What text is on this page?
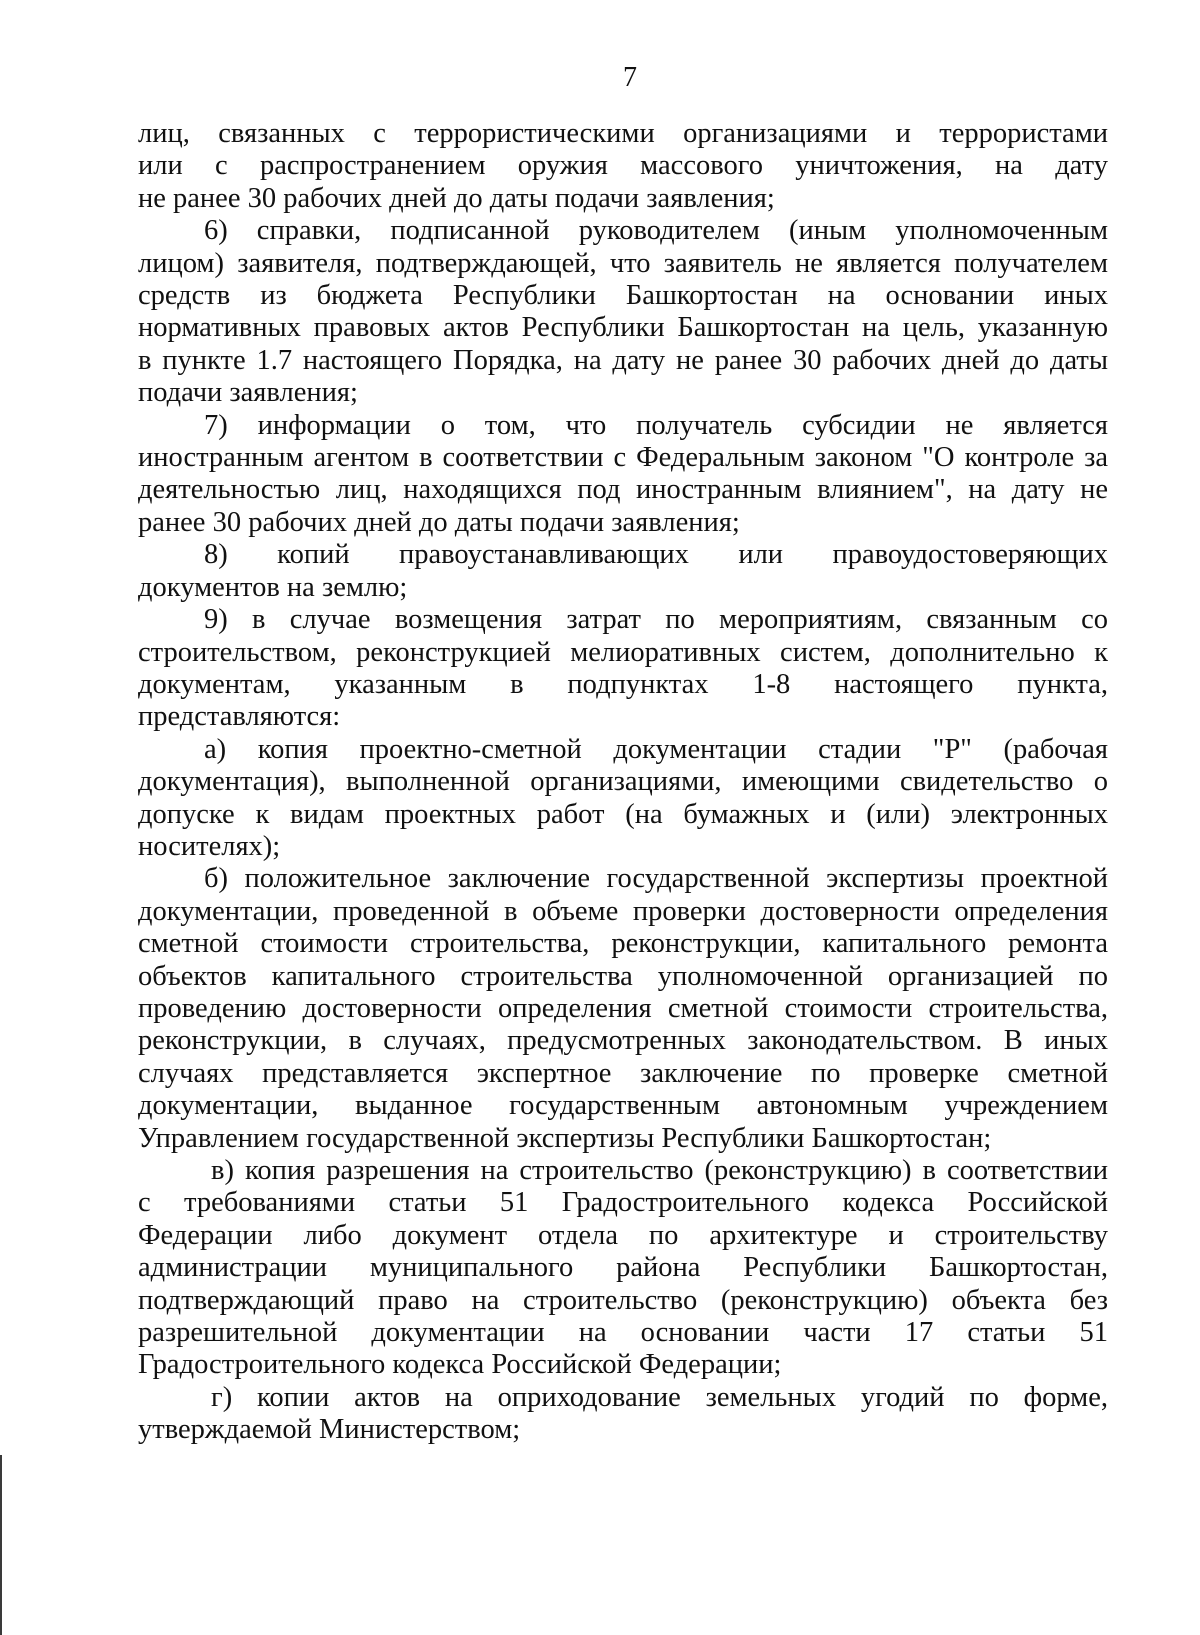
7
лиц, связанных с террористическими организациями и террористами
или с распространением оружия массового уничтожения, на дату
не ранее 30 рабочих дней до даты подачи заявления;
6) справки, подписанной руководителем (иным уполномоченным
лицом) заявителя, подтверждающей, что заявитель не является получателем
средств из бюджета Республики Башкортостан на основании иных
нормативных правовых актов Республики Башкортостан на цель, указанную
в пункте 1.7 настоящего Порядка, на дату не ранее 30 рабочих дней до даты
подачи заявления;
7) информации о том, что получатель субсидии не является
иностранным агентом в соответствии с Федеральным законом "О контроле за
деятельностью лиц, находящихся под иностранным влиянием", на дату не
ранее 30 рабочих дней до даты подачи заявления;
8) копий правоустанавливающих или правоудостоверяющих
документов на землю;
9) в случае возмещения затрат по мероприятиям, связанным со
строительством, реконструкцией мелиоративных систем, дополнительно к
документам, указанным в подпунктах 1-8 настоящего пункта,
представляются:
а) копия проектно-сметной документации стадии "Р" (рабочая
документация), выполненной организациями, имеющими свидетельство о
допуске к видам проектных работ (на бумажных и (или) электронных
носителях);
б) положительное заключение государственной экспертизы проектной
документации, проведенной в объеме проверки достоверности определения
сметной стоимости строительства, реконструкции, капитального ремонта
объектов капитального строительства уполномоченной организацией по
проведению достоверности определения сметной стоимости строительства,
реконструкции, в случаях, предусмотренных законодательством. В иных
случаях представляется экспертное заключение по проверке сметной
документации, выданное государственным автономным учреждением
Управлением государственной экспертизы Республики Башкортостан;
в) копия разрешения на строительство (реконструкцию) в соответствии
с требованиями статьи 51 Градостроительного кодекса Российской
Федерации либо документ отдела по архитектуре и строительству
администрации муниципального района Республики Башкортостан,
подтверждающий право на строительство (реконструкцию) объекта без
разрешительной документации на основании части 17 статьи 51
Градостроительного кодекса Российской Федерации;
г) копии актов на оприходование земельных угодий по форме,
утверждаемой Министерством;
